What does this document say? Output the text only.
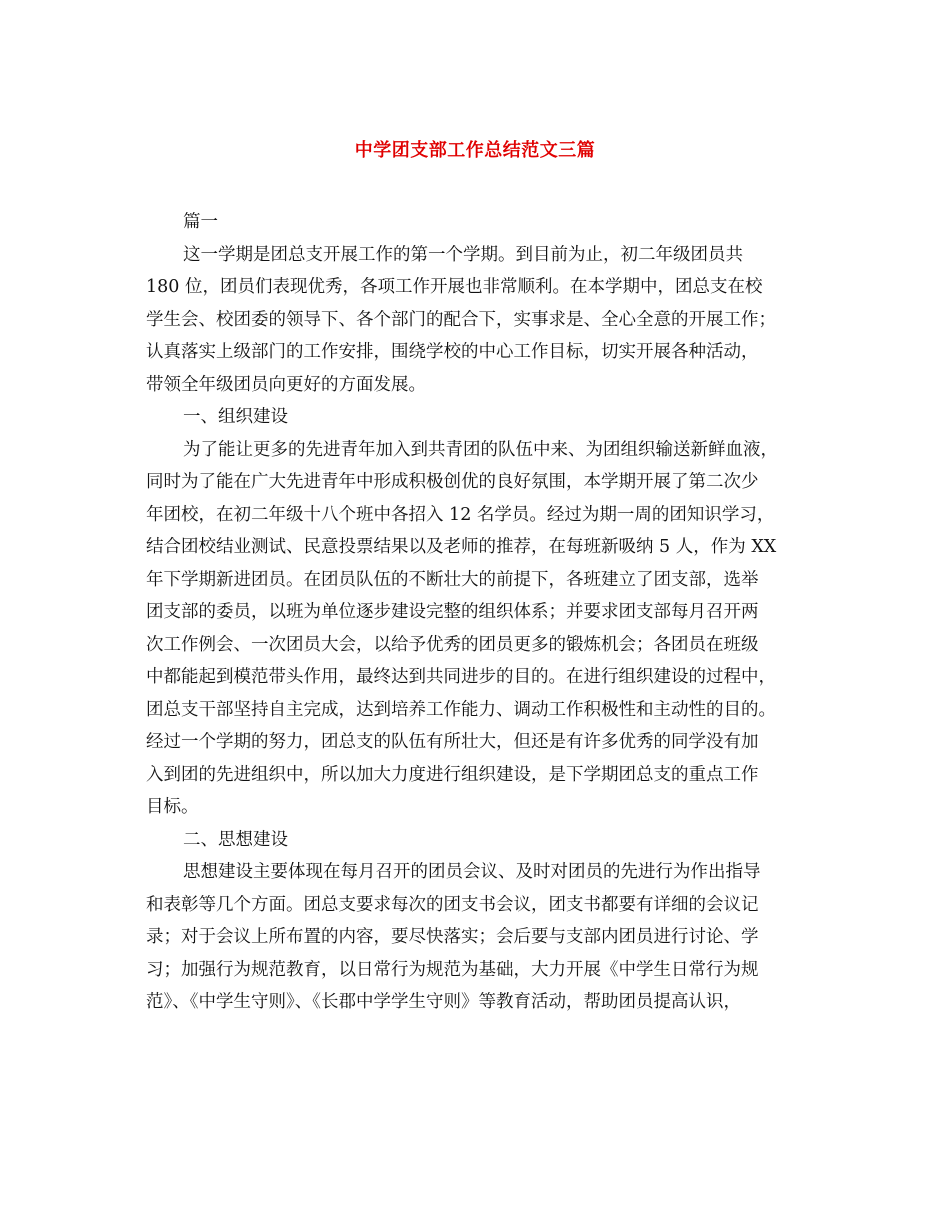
中学团支部工作总结范文三篇
篇一
这一学期是团总支开展工作的第一个学期。到目前为止，初二年级团员共
180 位，团员们表现优秀，各项工作开展也非常顺利。在本学期中，团总支在校
学生会、校团委的领导下、各个部门的配合下，实事求是、全心全意的开展工作；
认真落实上级部门的工作安排，围绕学校的中心工作目标，切实开展各种活动，
带领全年级团员向更好的方面发展。
一、组织建设
为了能让更多的先进青年加入到共青团的队伍中来、为团组织输送新鲜血液，
同时为了能在广大先进青年中形成积极创优的良好氛围，本学期开展了第二次少
年团校，在初二年级十八个班中各招入 12 名学员。经过为期一周的团知识学习，
结合团校结业测试、民意投票结果以及老师的推荐，在每班新吸纳 5 人，作为 XX
年下学期新进团员。在团员队伍的不断壮大的前提下，各班建立了团支部，选举
团支部的委员，以班为单位逐步建设完整的组织体系；并要求团支部每月召开两
次工作例会、一次团员大会，以给予优秀的团员更多的锻炼机会；各团员在班级
中都能起到模范带头作用，最终达到共同进步的目的。在进行组织建设的过程中，
团总支干部坚持自主完成，达到培养工作能力、调动工作积极性和主动性的目的。
经过一个学期的努力，团总支的队伍有所壮大，但还是有许多优秀的同学没有加
入到团的先进组织中，所以加大力度进行组织建设，是下学期团总支的重点工作
目标。
二、思想建设
思想建设主要体现在每月召开的团员会议、及时对团员的先进行为作出指导
和表彰等几个方面。团总支要求每次的团支书会议，团支书都要有详细的会议记
录；对于会议上所布置的内容，要尽快落实；会后要与支部内团员进行讨论、学
习；加强行为规范教育，以日常行为规范为基础，大力开展《中学生日常行为规
范》、《中学生守则》、《长郡中学学生守则》等教育活动，帮助团员提高认识，
